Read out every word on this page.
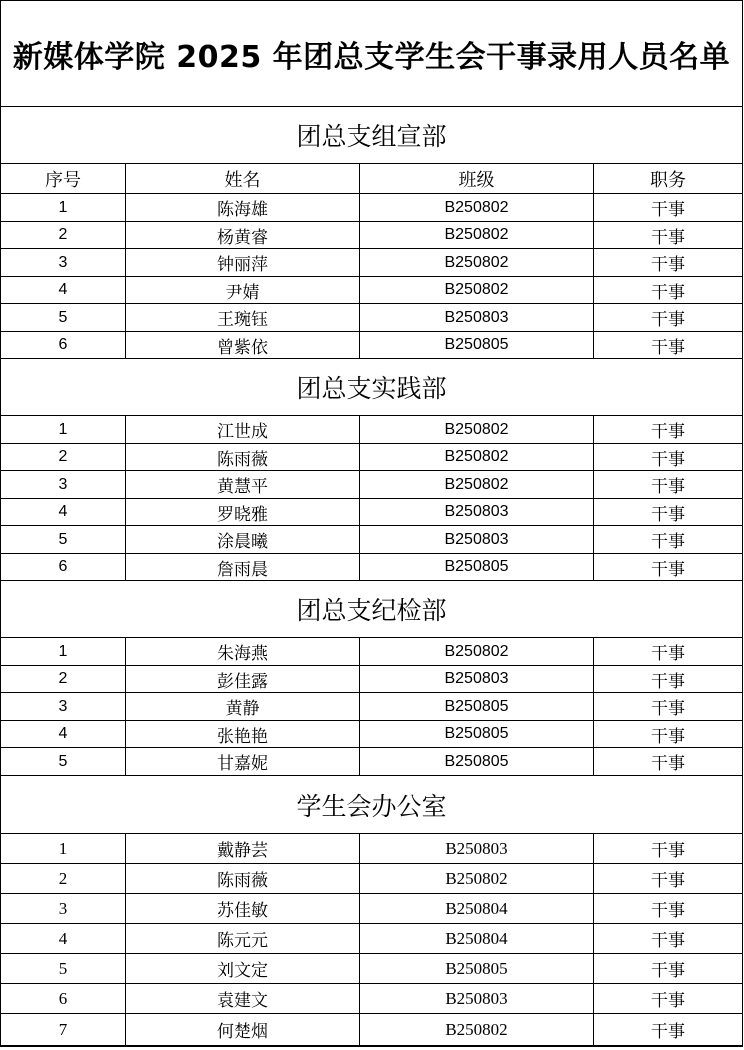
新媒体学院 2025 年团总支学生会干事录用人员名单
团总支组宣部
序号	姓名	班级	职务
1	陈海雄	B250802	干事
2	杨黄睿	B250802	干事
3	钟丽萍	B250802	干事
4	尹婧	B250802	干事
5	王琬钰	B250803	干事
6	曾紫依	B250805	干事
团总支实践部
1	江世成	B250802	干事
2	陈雨薇	B250802	干事
3	黄慧平	B250802	干事
4	罗晓雅	B250803	干事
5	涂晨曦	B250803	干事
6	詹雨晨	B250805	干事
团总支纪检部
1	朱海燕	B250802	干事
2	彭佳露	B250803	干事
3	黄静	B250805	干事
4	张艳艳	B250805	干事
5	甘嘉妮	B250805	干事
学生会办公室
1	戴静芸	B250803	干事
2	陈雨薇	B250802	干事
3	苏佳敏	B250804	干事
4	陈元元	B250804	干事
5	刘文定	B250805	干事
6	袁建文	B250803	干事
7	何楚烟	B250802	干事
